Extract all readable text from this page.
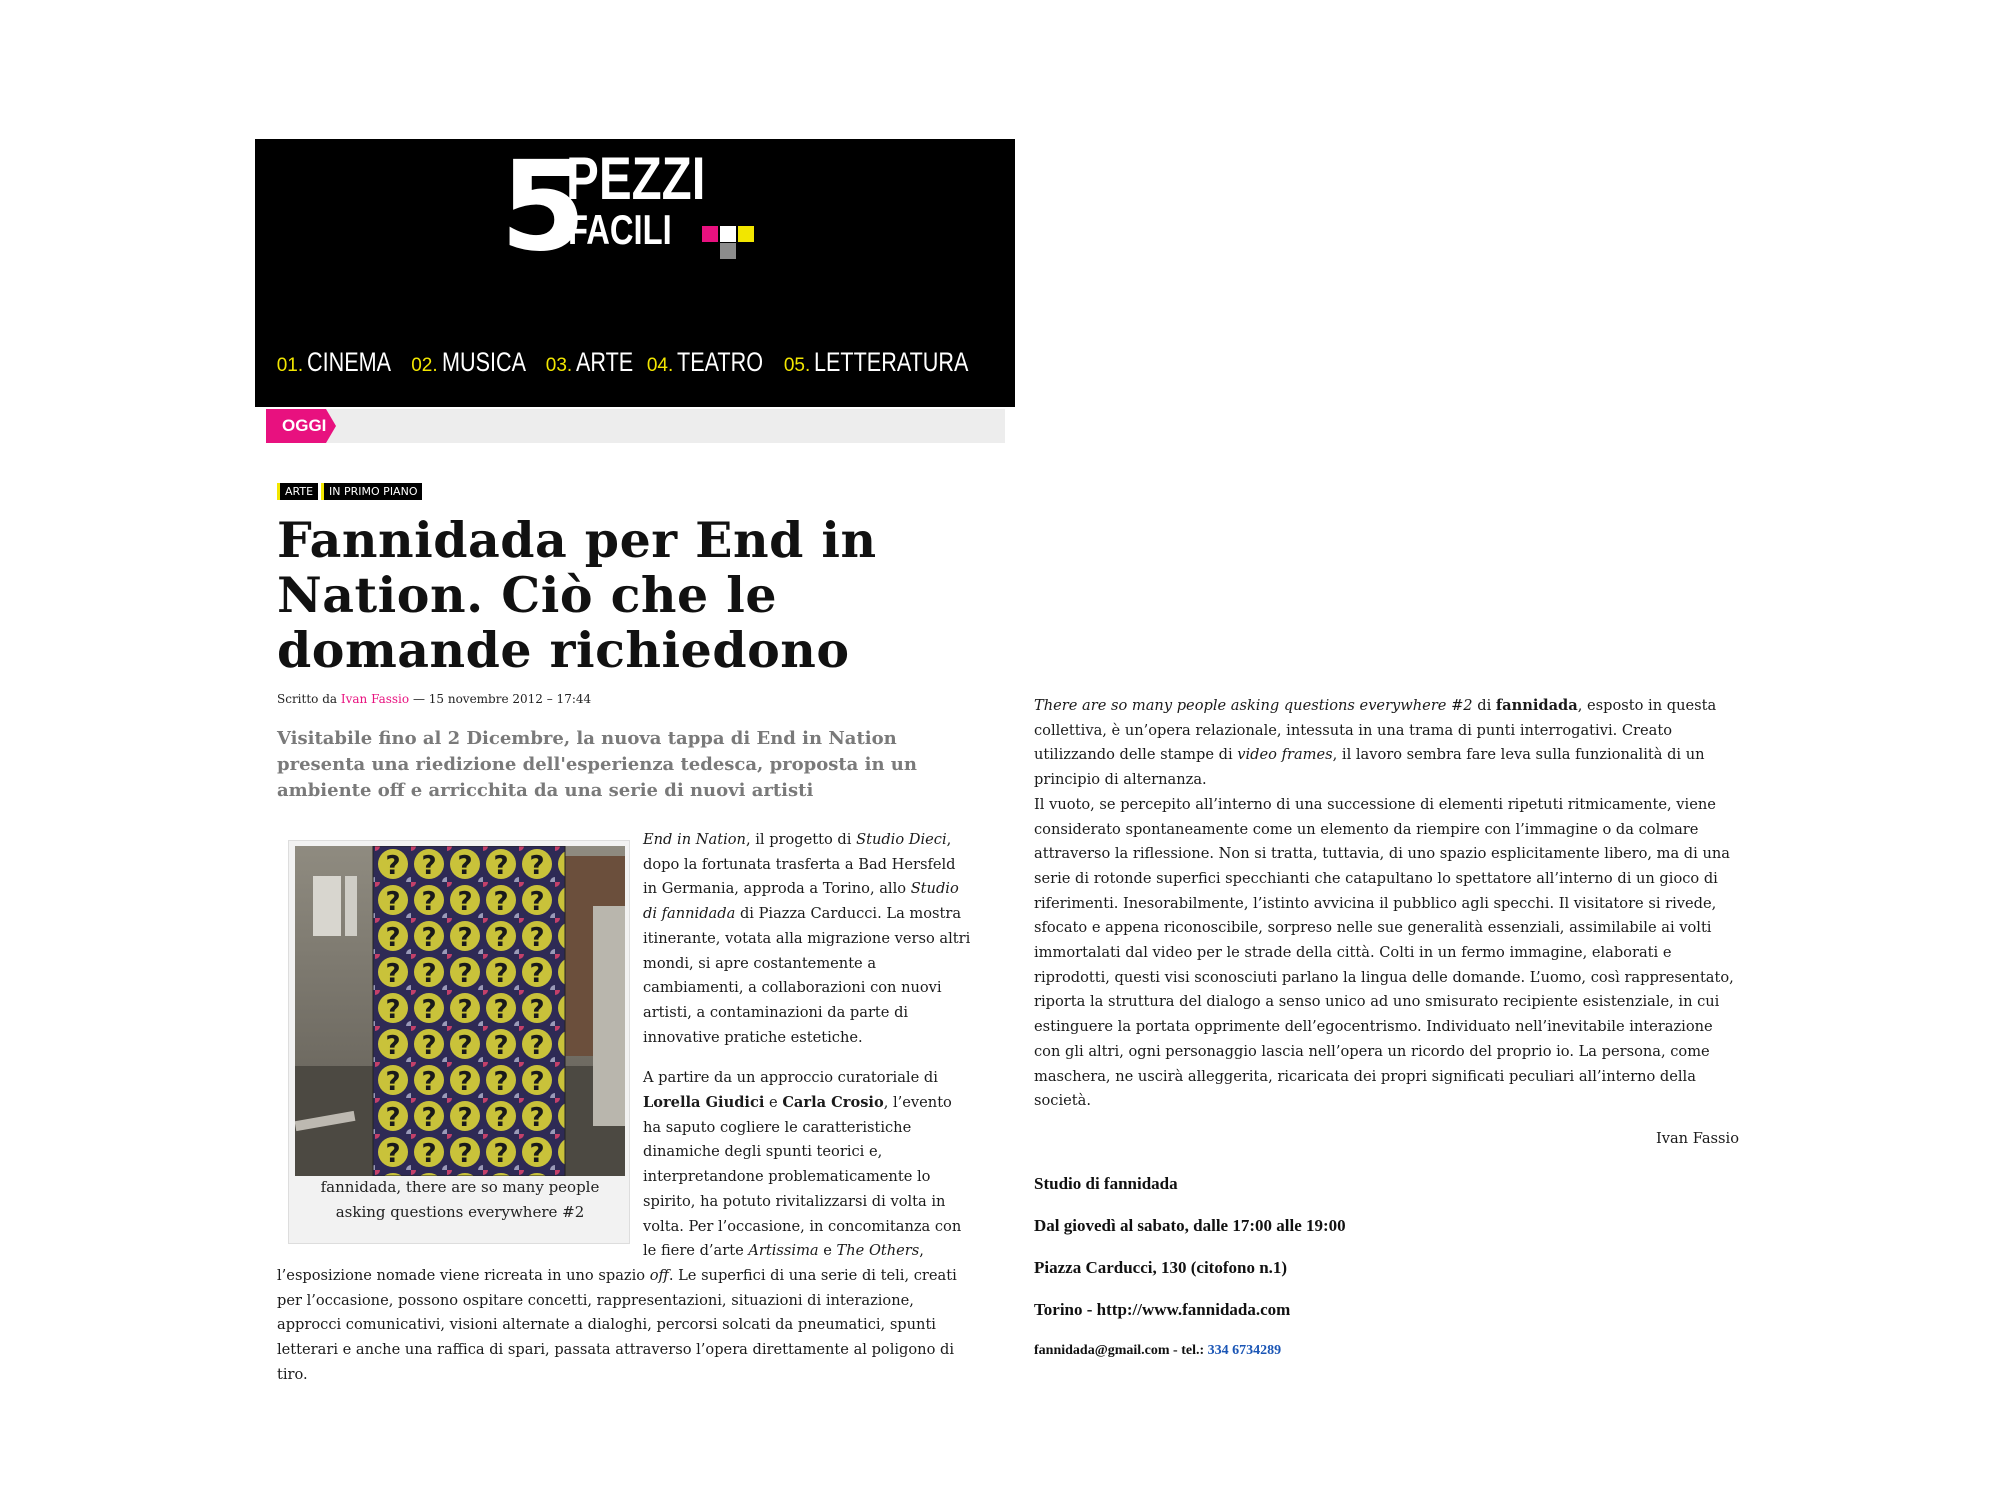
5
PEZZI
FACILI
01. CINEMA 02. MUSICA 03. ARTE 04. TEATRO 05. LETTERATURA
OGGI:
ARTE IN PRIMO PIANO
Fannidada per End in Nation. Ciò che le domande richiedono
Scritto da Ivan Fassio — 15 novembre 2012 – 17:44

Visitabile fino al 2 Dicembre, la nuova tappa di End in Nation presenta una riedizione dell'esperienza tedesca, proposta in un ambiente off e arricchita da una serie di nuovi artisti

End in Nation, il progetto di Studio Dieci, dopo la fortunata trasferta a Bad Hersfeld in Germania, approda a Torino, allo Studio di fannidada di Piazza Carducci. La mostra itinerante, votata alla migrazione verso altri mondi, si apre costantemente a cambiamenti, a collaborazioni con nuovi artisti, a contaminazioni da parte di innovative pratiche estetiche.

A partire da un approccio curatoriale di Lorella Giudici e Carla Crosio, l’evento ha saputo cogliere le caratteristiche dinamiche degli spunti teorici e, interpretandone problematicamente lo spirito, ha potuto rivitalizzarsi di volta in volta. Per l’occasione, in concomitanza con le fiere d’arte Artissima e The Others, l’esposizione nomade viene ricreata in uno spazio off. Le superfici di una serie di teli, creati per l’occasione, possono ospitare concetti, rappresentazioni, situazioni di interazione, approcci comunicativi, visioni alternate a dialoghi, percorsi solcati da pneumatici, spunti letterari e anche una raffica di spari, passata attraverso l’opera direttamente al poligono di tiro.

fannidada, there are so many people asking questions everywhere #2

There are so many people asking questions everywhere #2 di fannidada, esposto in questa collettiva, è un’opera relazionale, intessuta in una trama di punti interrogativi. Creato utilizzando delle stampe di video frames, il lavoro sembra fare leva sulla funzionalità di un principio di alternanza.

Il vuoto, se percepito all’interno di una successione di elementi ripetuti ritmicamente, viene considerato spontaneamente come un elemento da riempire con l’immagine o da colmare attraverso la riflessione. Non si tratta, tuttavia, di uno spazio esplicitamente libero, ma di una serie di rotonde superfici specchianti che catapultano lo spettatore all’interno di un gioco di riferimenti. Inesorabilmente, l’istinto avvicina il pubblico agli specchi. Il visitatore si rivede, sfocato e appena riconoscibile, sorpreso nelle sue generalità essenziali, assimilabile ai volti immortalati dal video per le strade della città. Colti in un fermo immagine, elaborati e riprodotti, questi visi sconosciuti parlano la lingua delle domande. L’uomo, così rappresentato, riporta la struttura del dialogo a senso unico ad uno smisurato recipiente esistenziale, in cui estinguere la portata opprimente dell’egocentrismo. Individuato nell’inevitabile interazione con gli altri, ogni personaggio lascia nell’opera un ricordo del proprio io. La persona, come maschera, ne uscirà alleggerita, ricaricata dei propri significati peculiari all’interno della società.

Ivan Fassio
Studio di fannidada
Dal giovedì al sabato, dalle 17:00 alle 19:00
Piazza Carducci, 130 (citofono n.1)
Torino - http://www.fannidada.com
fannidada@gmail.com - tel.: 334 6734289
